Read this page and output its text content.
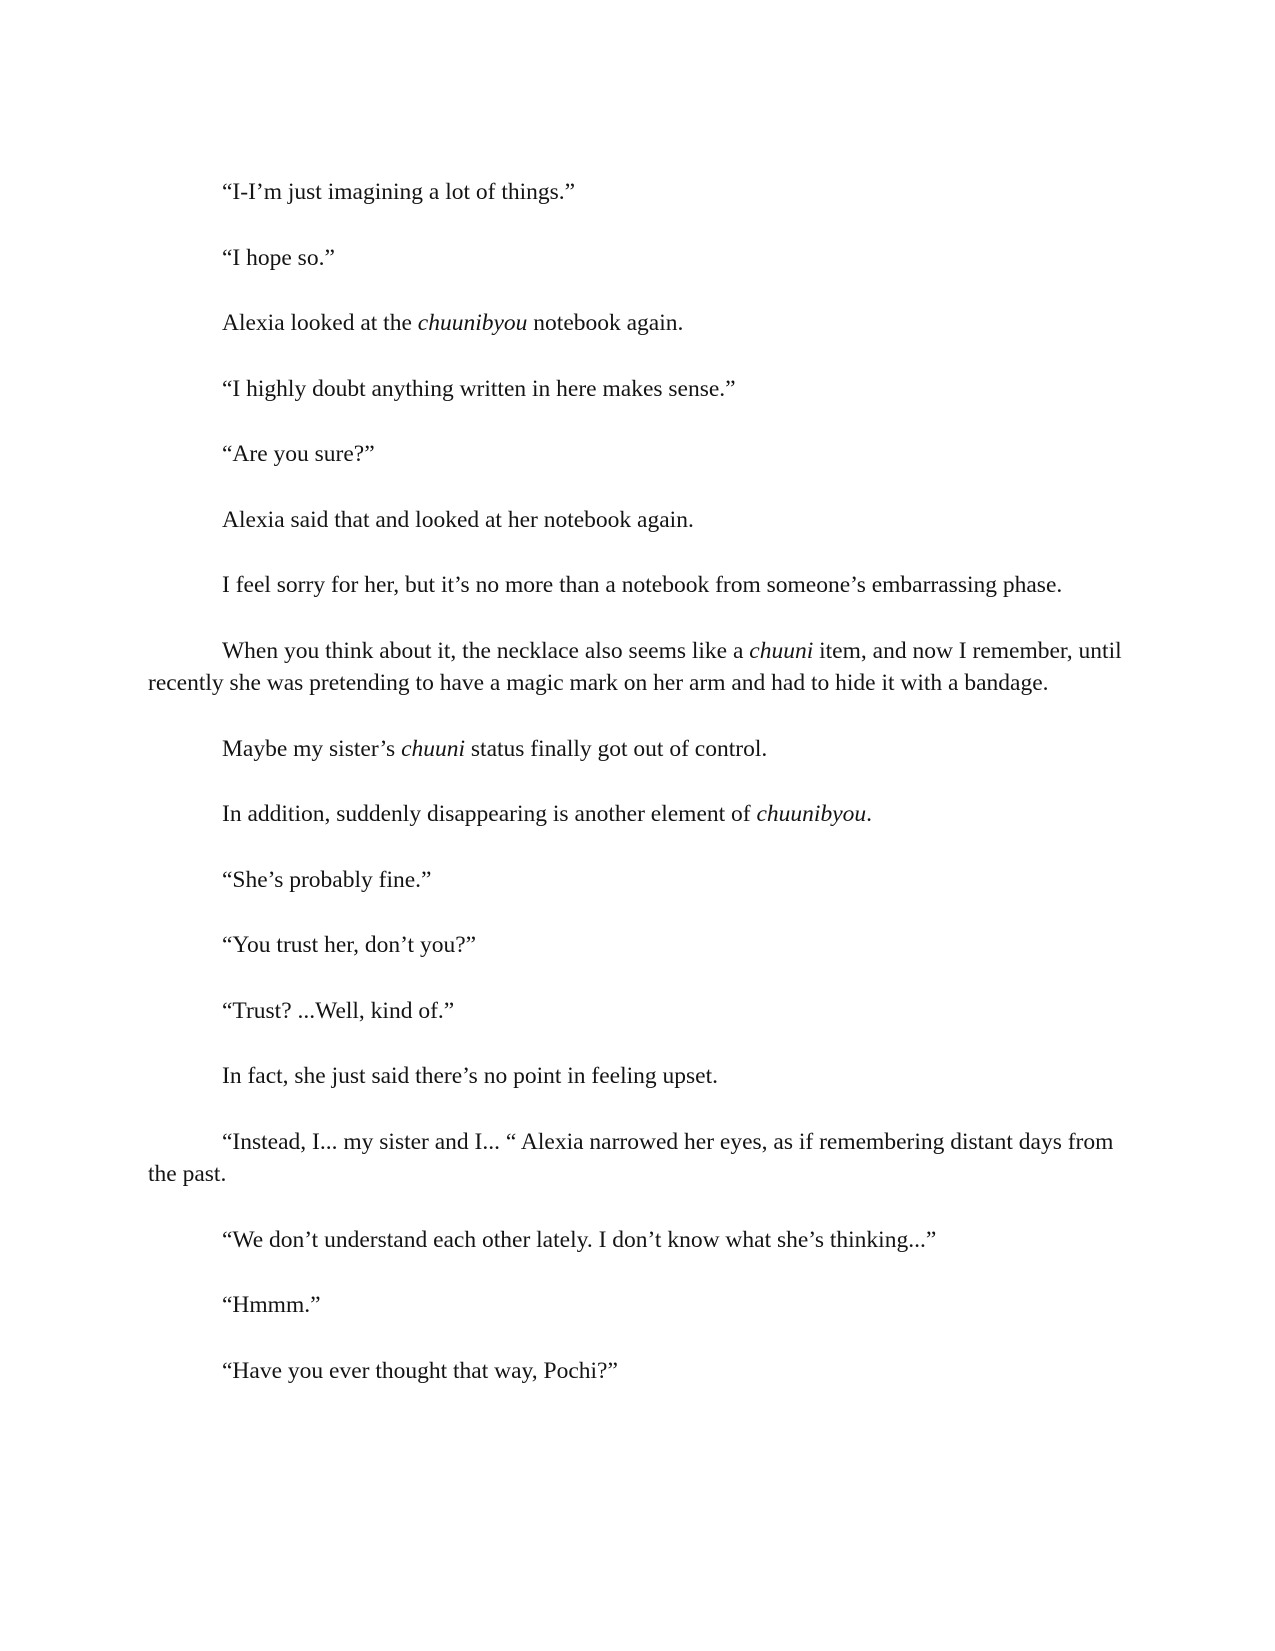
“I-I’m just imagining a lot of things.”

“I hope so.”

Alexia looked at the chuunibyou notebook again.

“I highly doubt anything written in here makes sense.”

“Are you sure?”

Alexia said that and looked at her notebook again.

I feel sorry for her, but it’s no more than a notebook from someone’s embarrassing phase.

When you think about it, the necklace also seems like a chuuni item, and now I remember, until recently she was pretending to have a magic mark on her arm and had to hide it with a bandage.

Maybe my sister’s chuuni status finally got out of control.

In addition, suddenly disappearing is another element of chuunibyou.

“She’s probably fine.”

“You trust her, don’t you?”

“Trust? ...Well, kind of.”

In fact, she just said there’s no point in feeling upset.

“Instead, I... my sister and I... “ Alexia narrowed her eyes, as if remembering distant days from the past.

“We don’t understand each other lately. I don’t know what she’s thinking...”

“Hmmm.”

“Have you ever thought that way, Pochi?”
